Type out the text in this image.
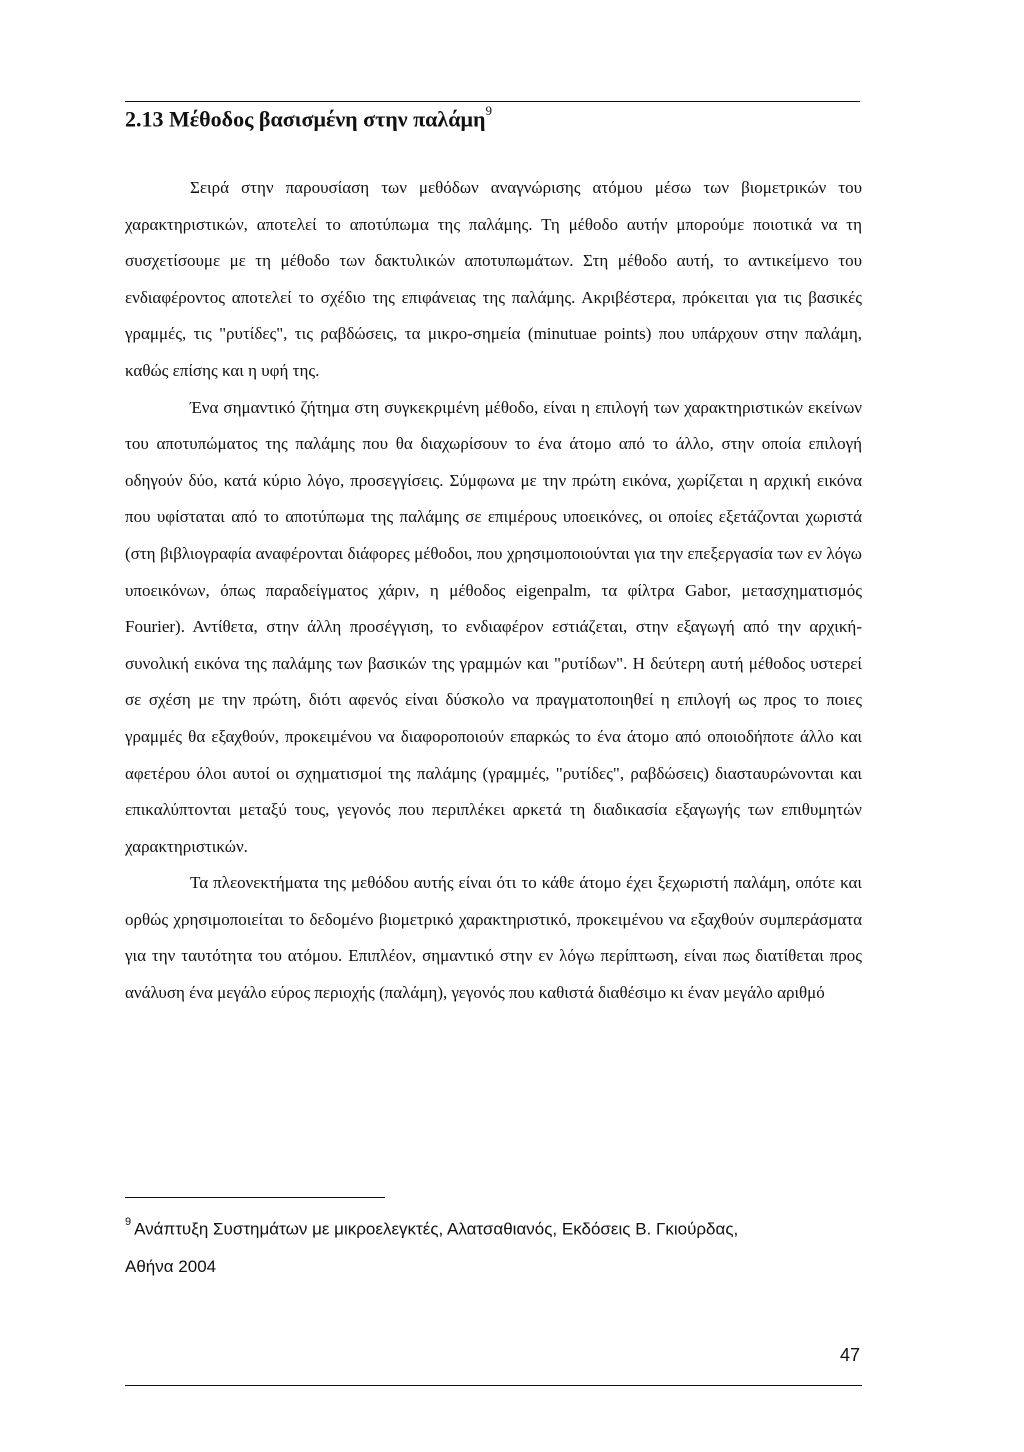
2.13 Μέθοδος βασισμένη στην παλάμη$^9$

Σειρά στην παρουσίαση των μεθόδων αναγνώρισης ατόμου μέσω των βιομετρικών του χαρακτηριστικών, αποτελεί το αποτύπωμα της παλάμης. Τη μέθοδο αυτήν μπορούμε ποιοτικά να τη συσχετίσουμε με τη μέθοδο των δακτυλικών αποτυπωμάτων. Στη μέθοδο αυτή, το αντικείμενο του ενδιαφέροντος αποτελεί το σχέδιο της επιφάνειας της παλάμης. Ακριβέστερα, πρόκειται για τις βασικές γραμμές, τις "ρυτίδες", τις ραβδώσεις, τα μικρο-σημεία (minutuae points) που υπάρχουν στην παλάμη, καθώς επίσης και η υφή της.

Ένα σημαντικό ζήτημα στη συγκεκριμένη μέθοδο, είναι η επιλογή των χαρακτηριστικών εκείνων του αποτυπώματος της παλάμης που θα διαχωρίσουν το ένα άτομο από το άλλο, στην οποία επιλογή οδηγούν δύο, κατά κύριο λόγο, προσεγγίσεις. Σύμφωνα με την πρώτη εικόνα, χωρίζεται η αρχική εικόνα που υφίσταται από το αποτύπωμα της παλάμης σε επιμέρους υποεικόνες, οι οποίες εξετάζονται χωριστά (στη βιβλιογραφία αναφέρονται διάφορες μέθοδοι, που χρησιμοποιούνται για την επεξεργασία των εν λόγω υποεικόνων, όπως παραδείγματος χάριν, η μέθοδος eigenpalm, τα φίλτρα Gabor, μετασχηματισμός Fourier). Αντίθετα, στην άλλη προσέγγιση, το ενδιαφέρον εστιάζεται, στην εξαγωγή από την αρχική-συνολική εικόνα της παλάμης των βασικών της γραμμών και "ρυτίδων". Η δεύτερη αυτή μέθοδος υστερεί σε σχέση με την πρώτη, διότι αφενός είναι δύσκολο να πραγματοποιηθεί η επιλογή ως προς το ποιες γραμμές θα εξαχθούν, προκειμένου να διαφοροποιούν επαρκώς το ένα άτομο από οποιοδήποτε άλλο και αφετέρου όλοι αυτοί οι σχηματισμοί της παλάμης (γραμμές, "ρυτίδες", ραβδώσεις) διασταυρώνονται και επικαλύπτονται μεταξύ τους, γεγονός που περιπλέκει αρκετά τη διαδικασία εξαγωγής των επιθυμητών χαρακτηριστικών.

Τα πλεονεκτήματα της μεθόδου αυτής είναι ότι το κάθε άτομο έχει ξεχωριστή παλάμη, οπότε και ορθώς χρησιμοποιείται το δεδομένο βιομετρικό χαρακτηριστικό, προκειμένου να εξαχθούν συμπεράσματα για την ταυτότητα του ατόμου. Επιπλέον, σημαντικό στην εν λόγω περίπτωση, είναι πως διατίθεται προς ανάλυση ένα μεγάλο εύρος περιοχής (παλάμη), γεγονός που καθιστά διαθέσιμο κι έναν μεγάλο αριθμό

$^9$ Ανάπτυξη Συστημάτων με μικροελεγκτές, Αλατσαθιανός, Εκδόσεις Β. Γκιούρδας,
Αθήνα 2004
47
